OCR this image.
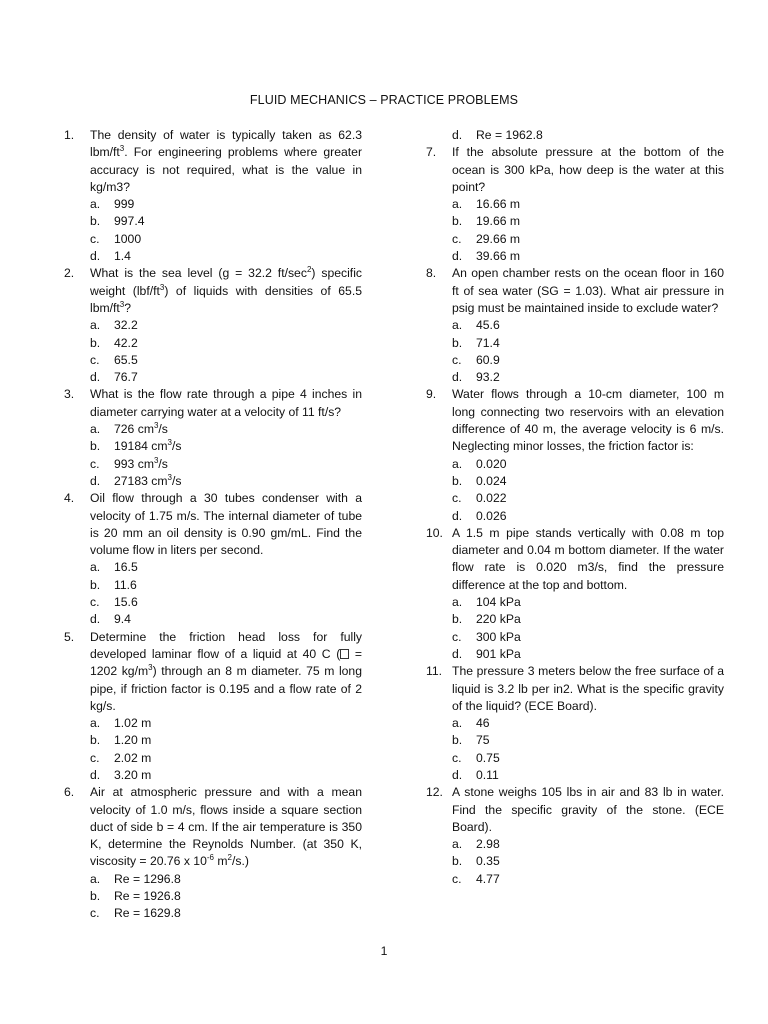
FLUID MECHANICS – PRACTICE PROBLEMS
1. The density of water is typically taken as 62.3 lbm/$ft^3$. For engineering problems where greater accuracy is not required, what is the value in kg/m3?
a. 999
b. 997.4
c. 1000
d. 1.4
2. What is the sea level (g = 32.2 $ft/\sec^2$) specific weight $(lbf/ft^3)$ of liquids with densities of 65.5 lbm/$ft^3$?
a. 32.2
b. 42.2
c. 65.5
d. 76.7
3. What is the flow rate through a pipe 4 inches in diameter carrying water at a velocity of 11 ft/s?
a. 726 $cm^3/s$
b. 19184 $cm^3/s$
c. 993 $cm^3/s$
d. 27183 $cm^3/s$
4. Oil flow through a 30 tubes condenser with a velocity of 1.75 m/s. The internal diameter of tube is 20 mm an oil density is 0.90 gm/mL. Find the volume flow in liters per second.
a. 16.5
b. 11.6
c. 15.6
d. 9.4
5. Determine the friction head loss for fully developed laminar flow of a liquid at 40 C ( = 1202 $kg/m^3$) through an 8 m diameter. 75 m long pipe, if friction factor is 0.195 and a flow rate of 2 kg/s.
a. 1.02 m
b. 1.20 m
c. 2.02 m
d. 3.20 m
6. Air at atmospheric pressure and with a mean velocity of 1.0 m/s, flows inside a square section duct of side b = 4 cm. If the air temperature is 350 K, determine the Reynolds Number. (at 350 K, viscosity = 20.76 x $10^{-6}$ $m^2/s$.)
a. Re = 1296.8
b. Re = 1926.8
c. Re = 1629.8
d. Re = 1962.8
7. If the absolute pressure at the bottom of the ocean is 300 kPa, how deep is the water at this point?
a. 16.66 m
b. 19.66 m
c. 29.66 m
d. 39.66 m
8. An open chamber rests on the ocean floor in 160 ft of sea water (SG = 1.03). What air pressure in psig must be maintained inside to exclude water?
a. 45.6
b. 71.4
c. 60.9
d. 93.2
9. Water flows through a 10-cm diameter, 100 m long connecting two reservoirs with an elevation difference of 40 m, the average velocity is 6 m/s. Neglecting minor losses, the friction factor is:
a. 0.020
b. 0.024
c. 0.022
d. 0.026
10. A 1.5 m pipe stands vertically with 0.08 m top diameter and 0.04 m bottom diameter. If the water flow rate is 0.020 m3/s, find the pressure difference at the top and bottom.
a. 104 kPa
b. 220 kPa
c. 300 kPa
d. 901 kPa
11. The pressure 3 meters below the free surface of a liquid is 3.2 lb per in2. What is the specific gravity of the liquid? (ECE Board).
a. 46
b. 75
c. 0.75
d. 0.11
12. A stone weighs 105 lbs in air and 83 lb in water. Find the specific gravity of the stone. (ECE Board).
a. 2.98
b. 0.35
c. 4.77
1
